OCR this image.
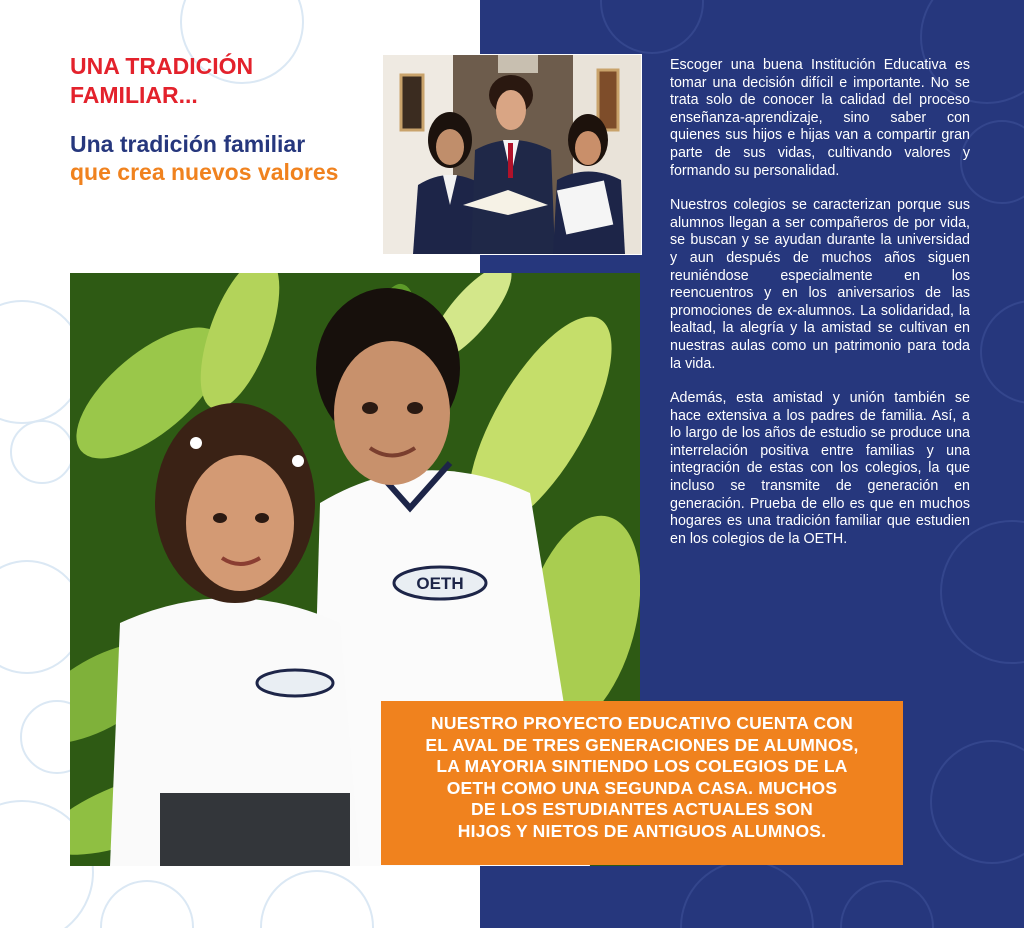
UNA TRADICIÓN FAMILIAR...
Una tradición familiar
que crea nuevos valores
OETH

Escoger una buena Institución Educativa es tomar una decisión difícil e importante. No se trata solo de conocer la calidad del proceso enseñanza-aprendizaje, sino saber con quienes sus hijos e hijas van a compartir gran parte de sus vidas, cultivando valores y formando su personalidad.

Nuestros colegios se caracterizan porque sus alumnos llegan a ser compañeros de por vida, se buscan y se ayudan durante la universidad y aun después de muchos años siguen reuniéndose especialmente en los reencuentros y en los aniversarios de las promociones de ex-alumnos. La solidaridad, la lealtad, la alegría y la amistad se cultivan en nuestras aulas como un patrimonio para toda la vida.

Además, esta amistad y unión también se hace extensiva a los padres de familia. Así, a lo largo de los años de estudio se produce una interrelación positiva entre familias y una integración de estas con los colegios, la que incluso se transmite de generación en generación. Prueba de ello es que en muchos hogares es una tradición familiar que estudien en los colegios de la OETH.

NUESTRO PROYECTO EDUCATIVO CUENTA CON
EL AVAL DE TRES GENERACIONES DE ALUMNOS,
LA MAYORIA SINTIENDO LOS COLEGIOS DE LA
OETH COMO UNA SEGUNDA CASA. MUCHOS
DE LOS ESTUDIANTES ACTUALES SON
HIJOS Y NIETOS DE ANTIGUOS ALUMNOS.
